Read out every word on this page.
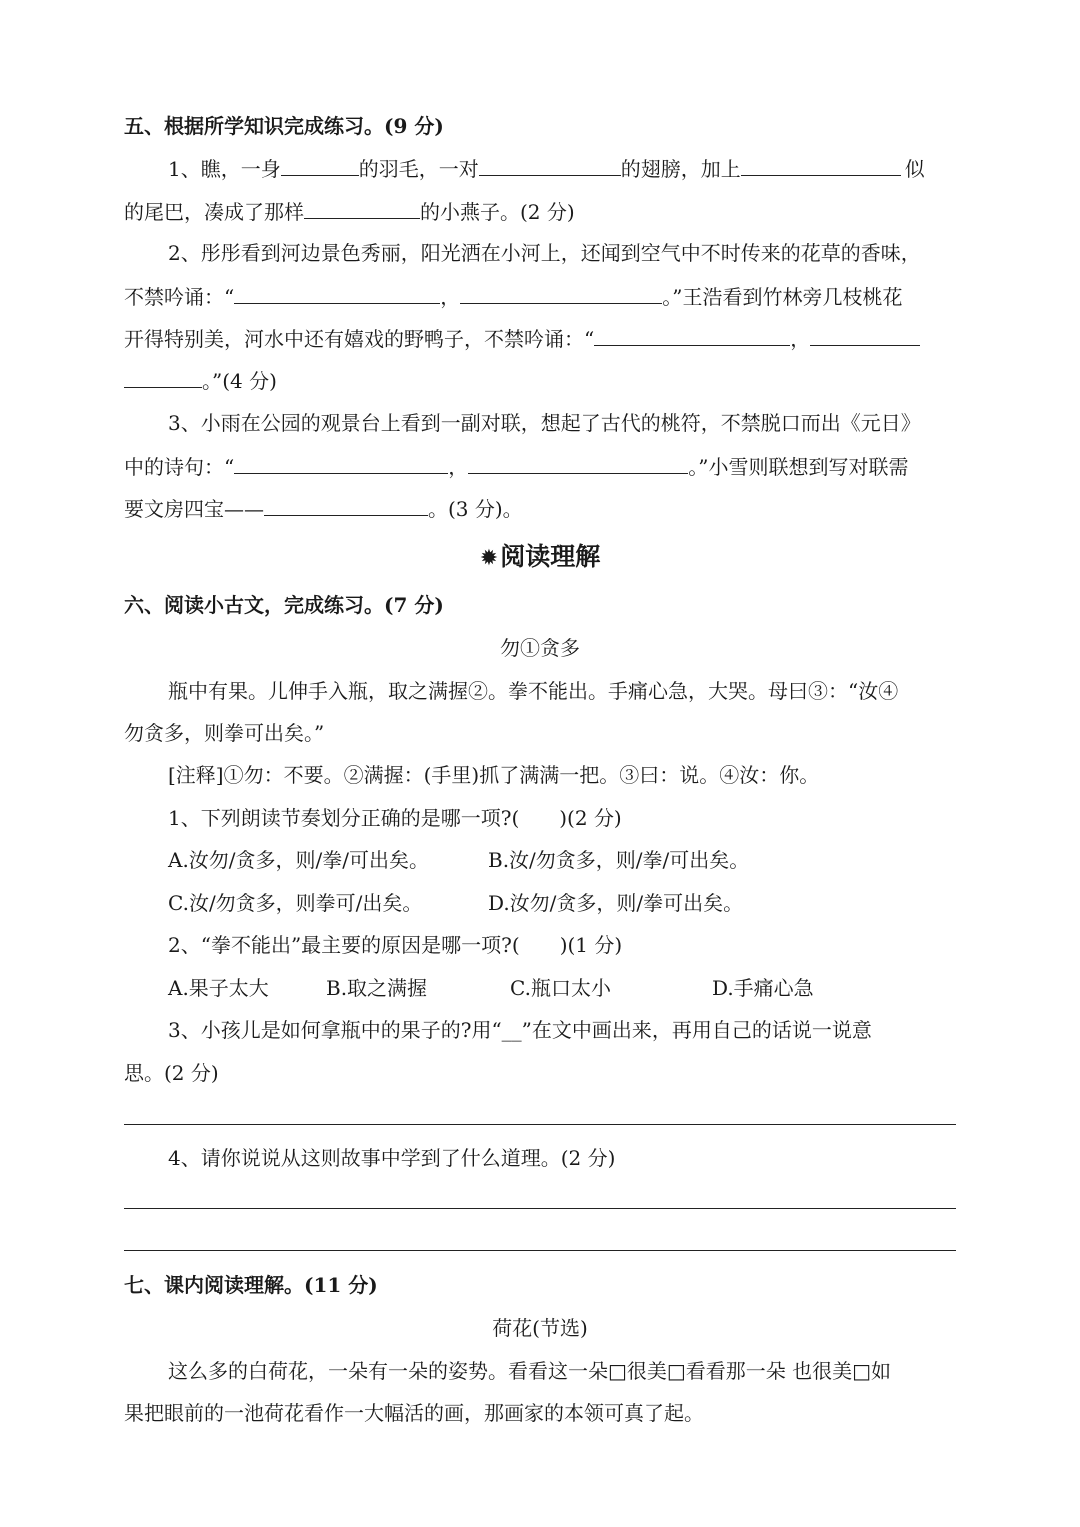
五、根据所学知识完成练习。(9 分)
1、瞧，一身	的羽毛，一对	的翅膀，加上	似
的尾巴，凑成了那样	的小燕子。(2 分)
2、彤彤看到河边景色秀丽，阳光洒在小河上，还闻到空气中不时传来的花草的香味，
不禁吟诵：“	，	。”王浩看到竹林旁几枝桃花
开得特别美，河水中还有嬉戏的野鸭子，不禁吟诵：“	，
。”(4 分)
3、小雨在公园的观景台上看到一副对联，想起了古代的桃符，不禁脱口而出《元日》
中的诗句：“	，	。”小雪则联想到写对联需
要文房四宝——	。(3 分)。
✹阅读理解
六、阅读小古文，完成练习。(7 分)
勿①贪多
瓶中有果。儿伸手入瓶，取之满握②。拳不能出。手痛心急，大哭。母曰③：“汝④
勿贪多，则拳可出矣。”
[注释]①勿：不要。②满握：(手里)抓了满满一把。③曰：说。④汝：你。
1、下列朗读节奏划分正确的是哪一项?( )(2 分)
A.汝勿/贪多，则/拳/可出矣。	B.汝/勿贪多，则/拳/可出矣。
C.汝/勿贪多，则拳可/出矣。	D.汝勿/贪多，则/拳可出矣。
2、“拳不能出”最主要的原因是哪一项?( )(1 分)
A.果子太大	B.取之满握	C.瓶口太小	D.手痛心急
3、小孩儿是如何拿瓶中的果子的?用“__”在文中画出来，再用自己的话说一说意
思。(2 分)
4、请你说说从这则故事中学到了什么道理。(2 分)
七、课内阅读理解。(11 分)
荷花(节选)
这么多的白荷花，一朵有一朵的姿势。看看这一朵□很美□看看那一朵 也很美□如
果把眼前的一池荷花看作一大幅活的画，那画家的本领可真了起。
